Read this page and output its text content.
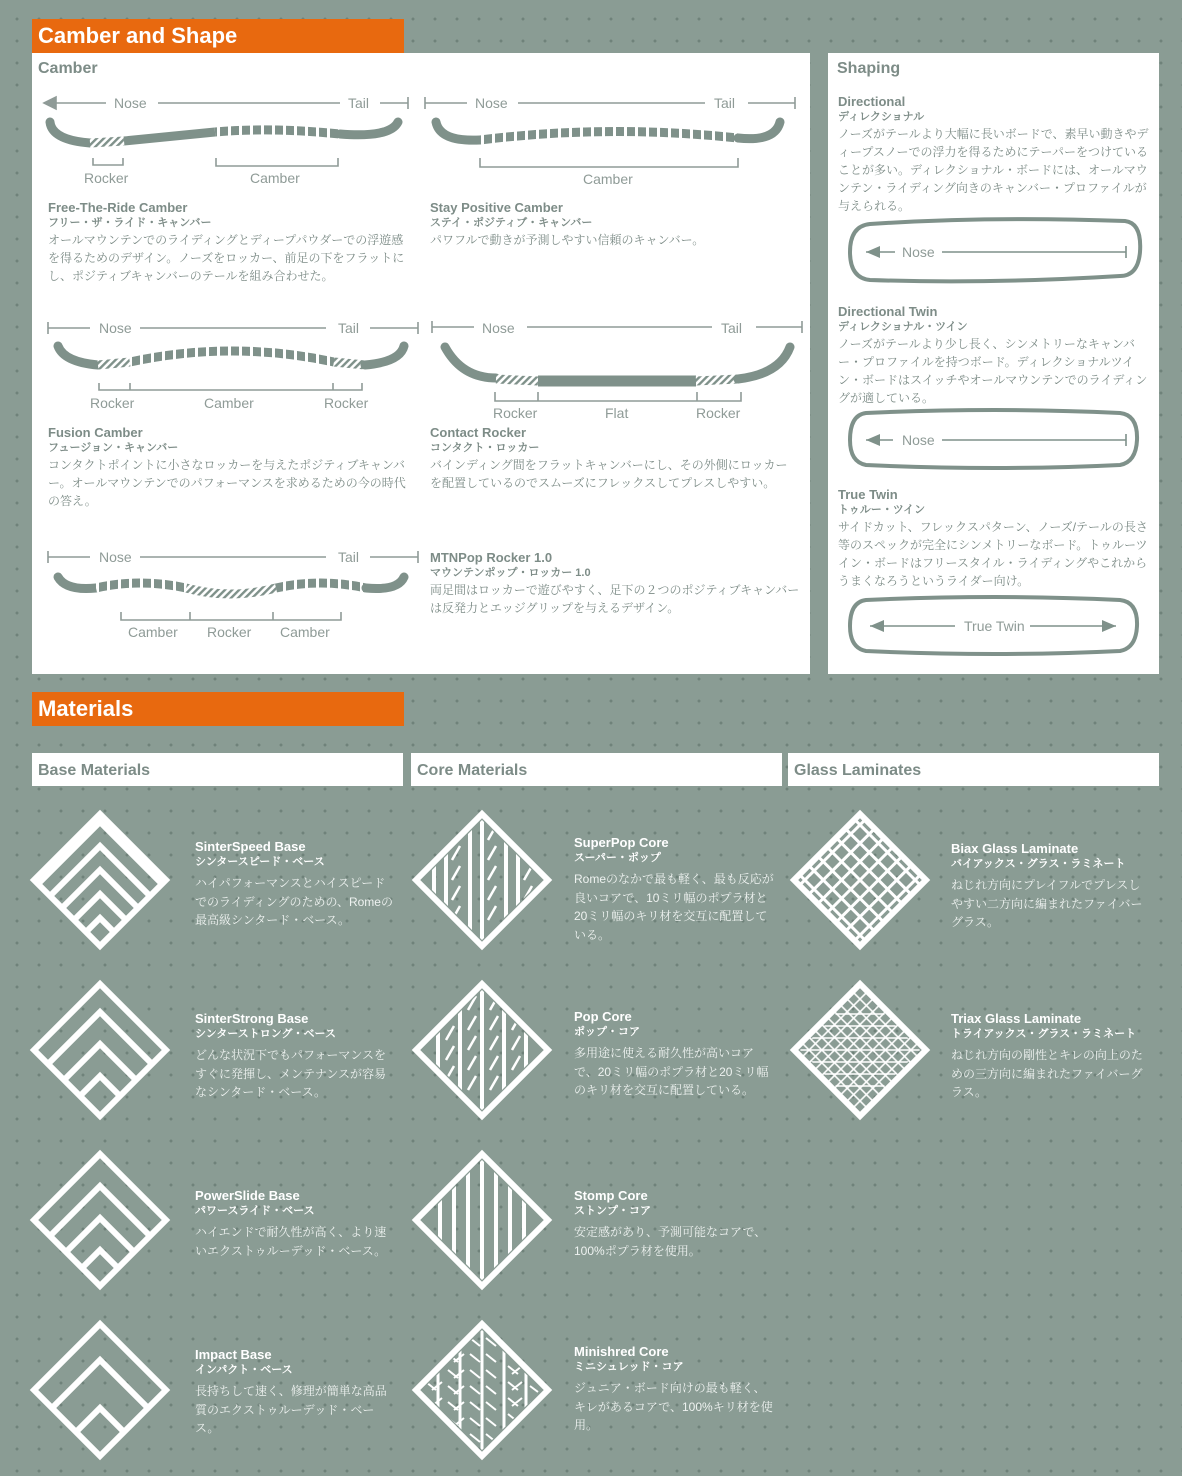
Camber and Shape
Camber	Shaping
Nose	Tail	Nose	Tail
Nose	Tail	Nose	Tail
Nose	Tail
Rocker	Camber	Camber
Rocker	Camber	Rocker
Rocker	Flat	Rocker
Camber Rocker Camber
Nose
Nose
True Twin
Free-The-Ride Camber
フリー・ザ・ライド・キャンバー
オールマウンテンでのライディングとディープパウダーでの浮遊感を得るためのデザイン。ノーズをロッカー、前足の下をフラットにし、ポジティブキャンバーのテールを組み合わせた。
Stay Positive Camber
ステイ・ポジティブ・キャンバー
パワフルで動きが予測しやすい信頼のキャンバー。
Fusion Camber
フュージョン・キャンバー
コンタクトポイントに小さなロッカーを与えたポジティブキャンバー。オールマウンテンでのパフォーマンスを求めるための今の時代の答え。
Contact Rocker
コンタクト・ロッカー
バインディング間をフラットキャンバーにし、その外側にロッカーを配置しているのでスムーズにフレックスしてプレスしやすい。
MTNPop Rocker 1.0
マウンテンポップ・ロッカー 1.0
両足間はロッカーで遊びやすく、足下の２つのポジティブキャンバーは反発力とエッジグリップを与えるデザイン。
Directional
ディレクショナル
ノーズがテールより大幅に長いボードで、素早い動きやディープスノーでの浮力を得るためにテーパーをつけていることが多い。ディレクショナル・ボードには、オールマウンテン・ライディング向きのキャンバー・プロファイルが与えられる。
Directional Twin
ディレクショナル・ツイン
ノーズがテールより少し長く、シンメトリーなキャンバー・プロファイルを持つボード。ディレクショナルツイン・ボードはスイッチやオールマウンテンでのライディングが適している。
True Twin
トゥルー・ツイン
サイドカット、フレックスパターン、ノーズ/テールの長さ等のスペックが完全にシンメトリーなボード。トゥルーツイン・ボードはフリースタイル・ライディングやこれからうまくなろうというライダー向け。
Materials
Base Materials	Core Materials	Glass Laminates
SinterSpeed Base
シンタースピード・ベース
ハイパフォーマンスとハイスピードでのライディングのための、Romeの最高級シンタード・ベース。
SinterStrong Base
シンターストロング・ベース
どんな状況下でもパフォーマンスをすぐに発揮し、メンテナンスが容易なシンタード・ベース。
PowerSlide Base
パワースライド・ベース
ハイエンドで耐久性が高く、より速いエクストゥルーデッド・ベース。
Impact Base
インパクト・ベース
長持ちして速く、修理が簡単な高品質のエクストゥルーデッド・ベース。
SuperPop Core
スーパー・ポップ
Romeのなかで最も軽く、最も反応が良いコアで、10ミリ幅のポプラ材と20ミリ幅のキリ材を交互に配置している。
Pop Core
ポップ・コア
多用途に使える耐久性が高いコアで、20ミリ幅のポプラ材と20ミリ幅のキリ材を交互に配置している。
Stomp Core
ストンプ・コア
安定感があり、予測可能なコアで、100%ポプラ材を使用。
Minishred Core
ミニシュレッド・コア
ジュニア・ボード向けの最も軽く、キレがあるコアで、100%キリ材を使用。
Biax Glass Laminate
バイアックス・グラス・ラミネート
ねじれ方向にプレイフルでプレスしやすい二方向に編まれたファイバーグラス。
Triax Glass Laminate
トライアックス・グラス・ラミネート
ねじれ方向の剛性とキレの向上のための三方向に編まれたファイバーグラス。
